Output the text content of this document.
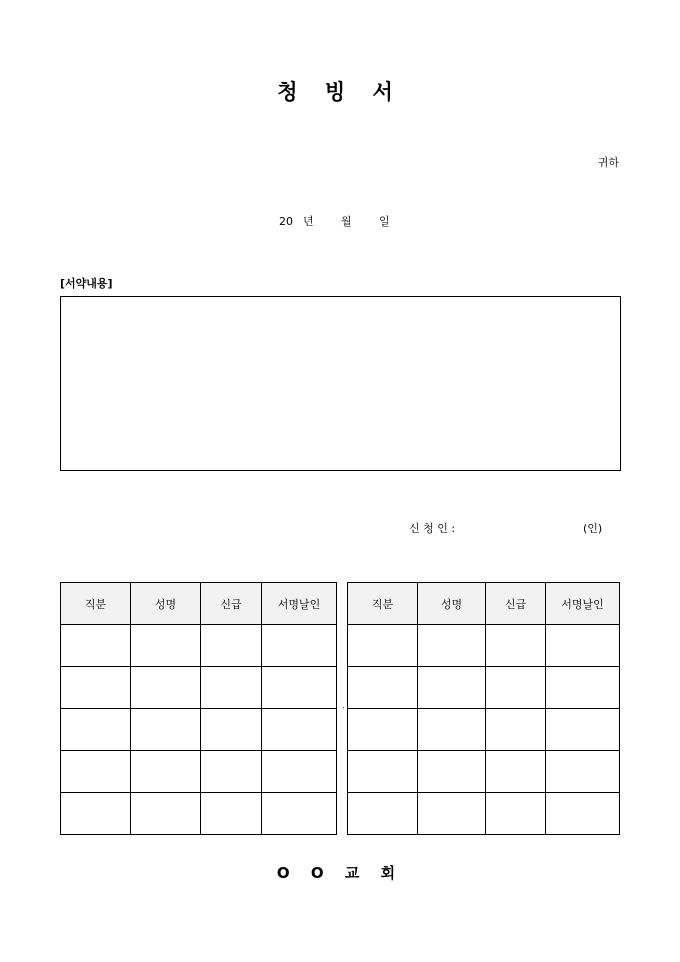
청 빙 서
귀하
20 년 월 일
[서약내용]
신 청 인 :	(인)
직분	성명	신급	서명날인

				직분	성명	신급	서명날인

O O 교 회
